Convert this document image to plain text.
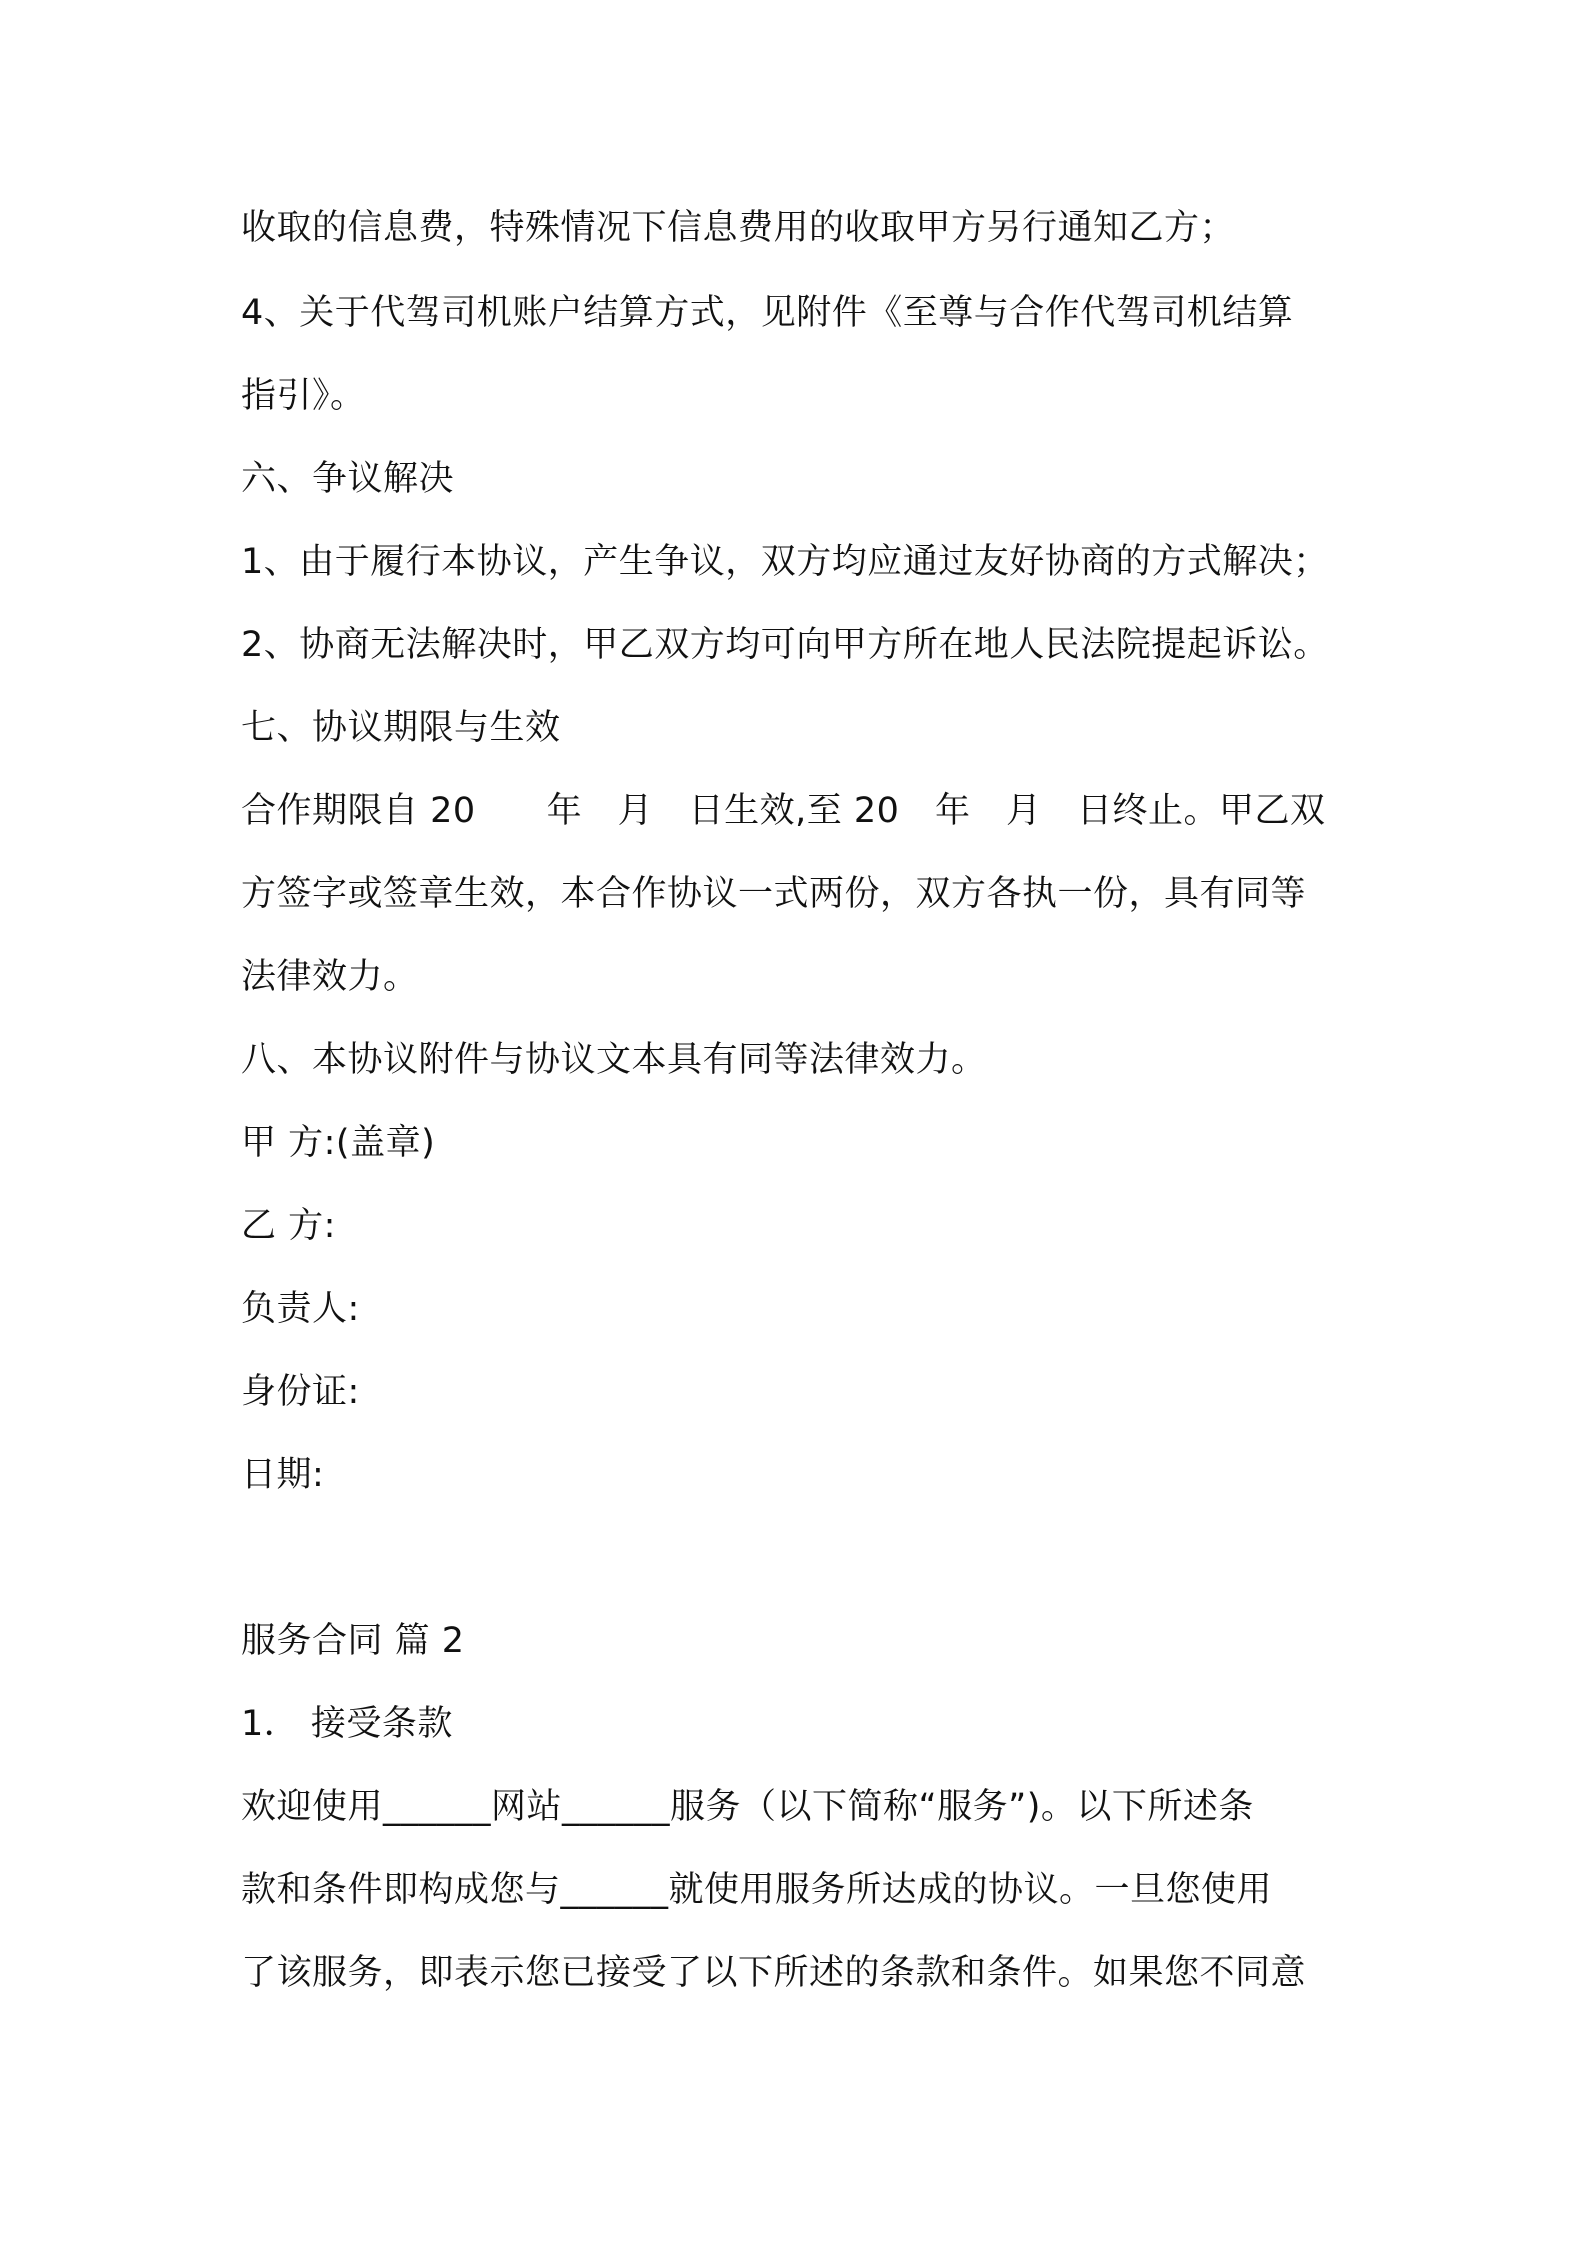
收取的信息费，特殊情况下信息费用的收取甲方另行通知乙方；
4、关于代驾司机账户结算方式，见附件《至尊与合作代驾司机结算
指引》。
六、争议解决
1、由于履行本协议，产生争议，双方均应通过友好协商的方式解决；
2、协商无法解决时，甲乙双方均可向甲方所在地人民法院提起诉讼。
七、协议期限与生效
合作期限自 20　　年　月　日生效,至 20　年　月　日终止。甲乙双
方签字或签章生效，本合作协议一式两份，双方各执一份，具有同等
法律效力。
八、本协议附件与协议文本具有同等法律效力。
甲 方:(盖章)
乙 方:
负责人:
身份证:
日期:
服务合同 篇 2
1． 接受条款
欢迎使用______网站______服务（以下简称“服务”)。以下所述条
款和条件即构成您与______就使用服务所达成的协议。一旦您使用
了该服务，即表示您已接受了以下所述的条款和条件。如果您不同意
